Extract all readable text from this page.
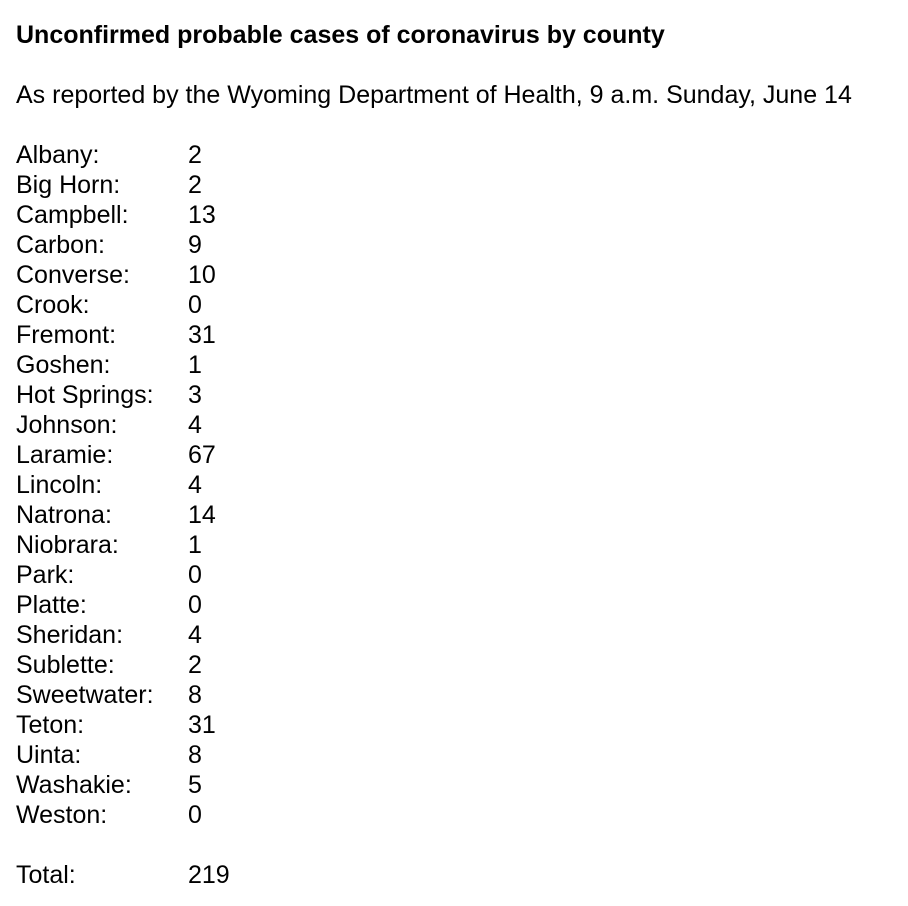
Unconfirmed probable cases of coronavirus by county
As reported by the Wyoming Department of Health, 9 a.m. Sunday, June 14
Albany:	2
Big Horn:	2
Campbell:	13
Carbon:	9
Converse:	10
Crook:	0
Fremont:	31
Goshen:	1
Hot Springs:	3
Johnson:	4
Laramie:	67
Lincoln:	4
Natrona:	14
Niobrara:	1
Park:	0
Platte:	0
Sheridan:	4
Sublette:	2
Sweetwater:	8
Teton:	31
Uinta:	8
Washakie:	5
Weston:	0
Total:	219
